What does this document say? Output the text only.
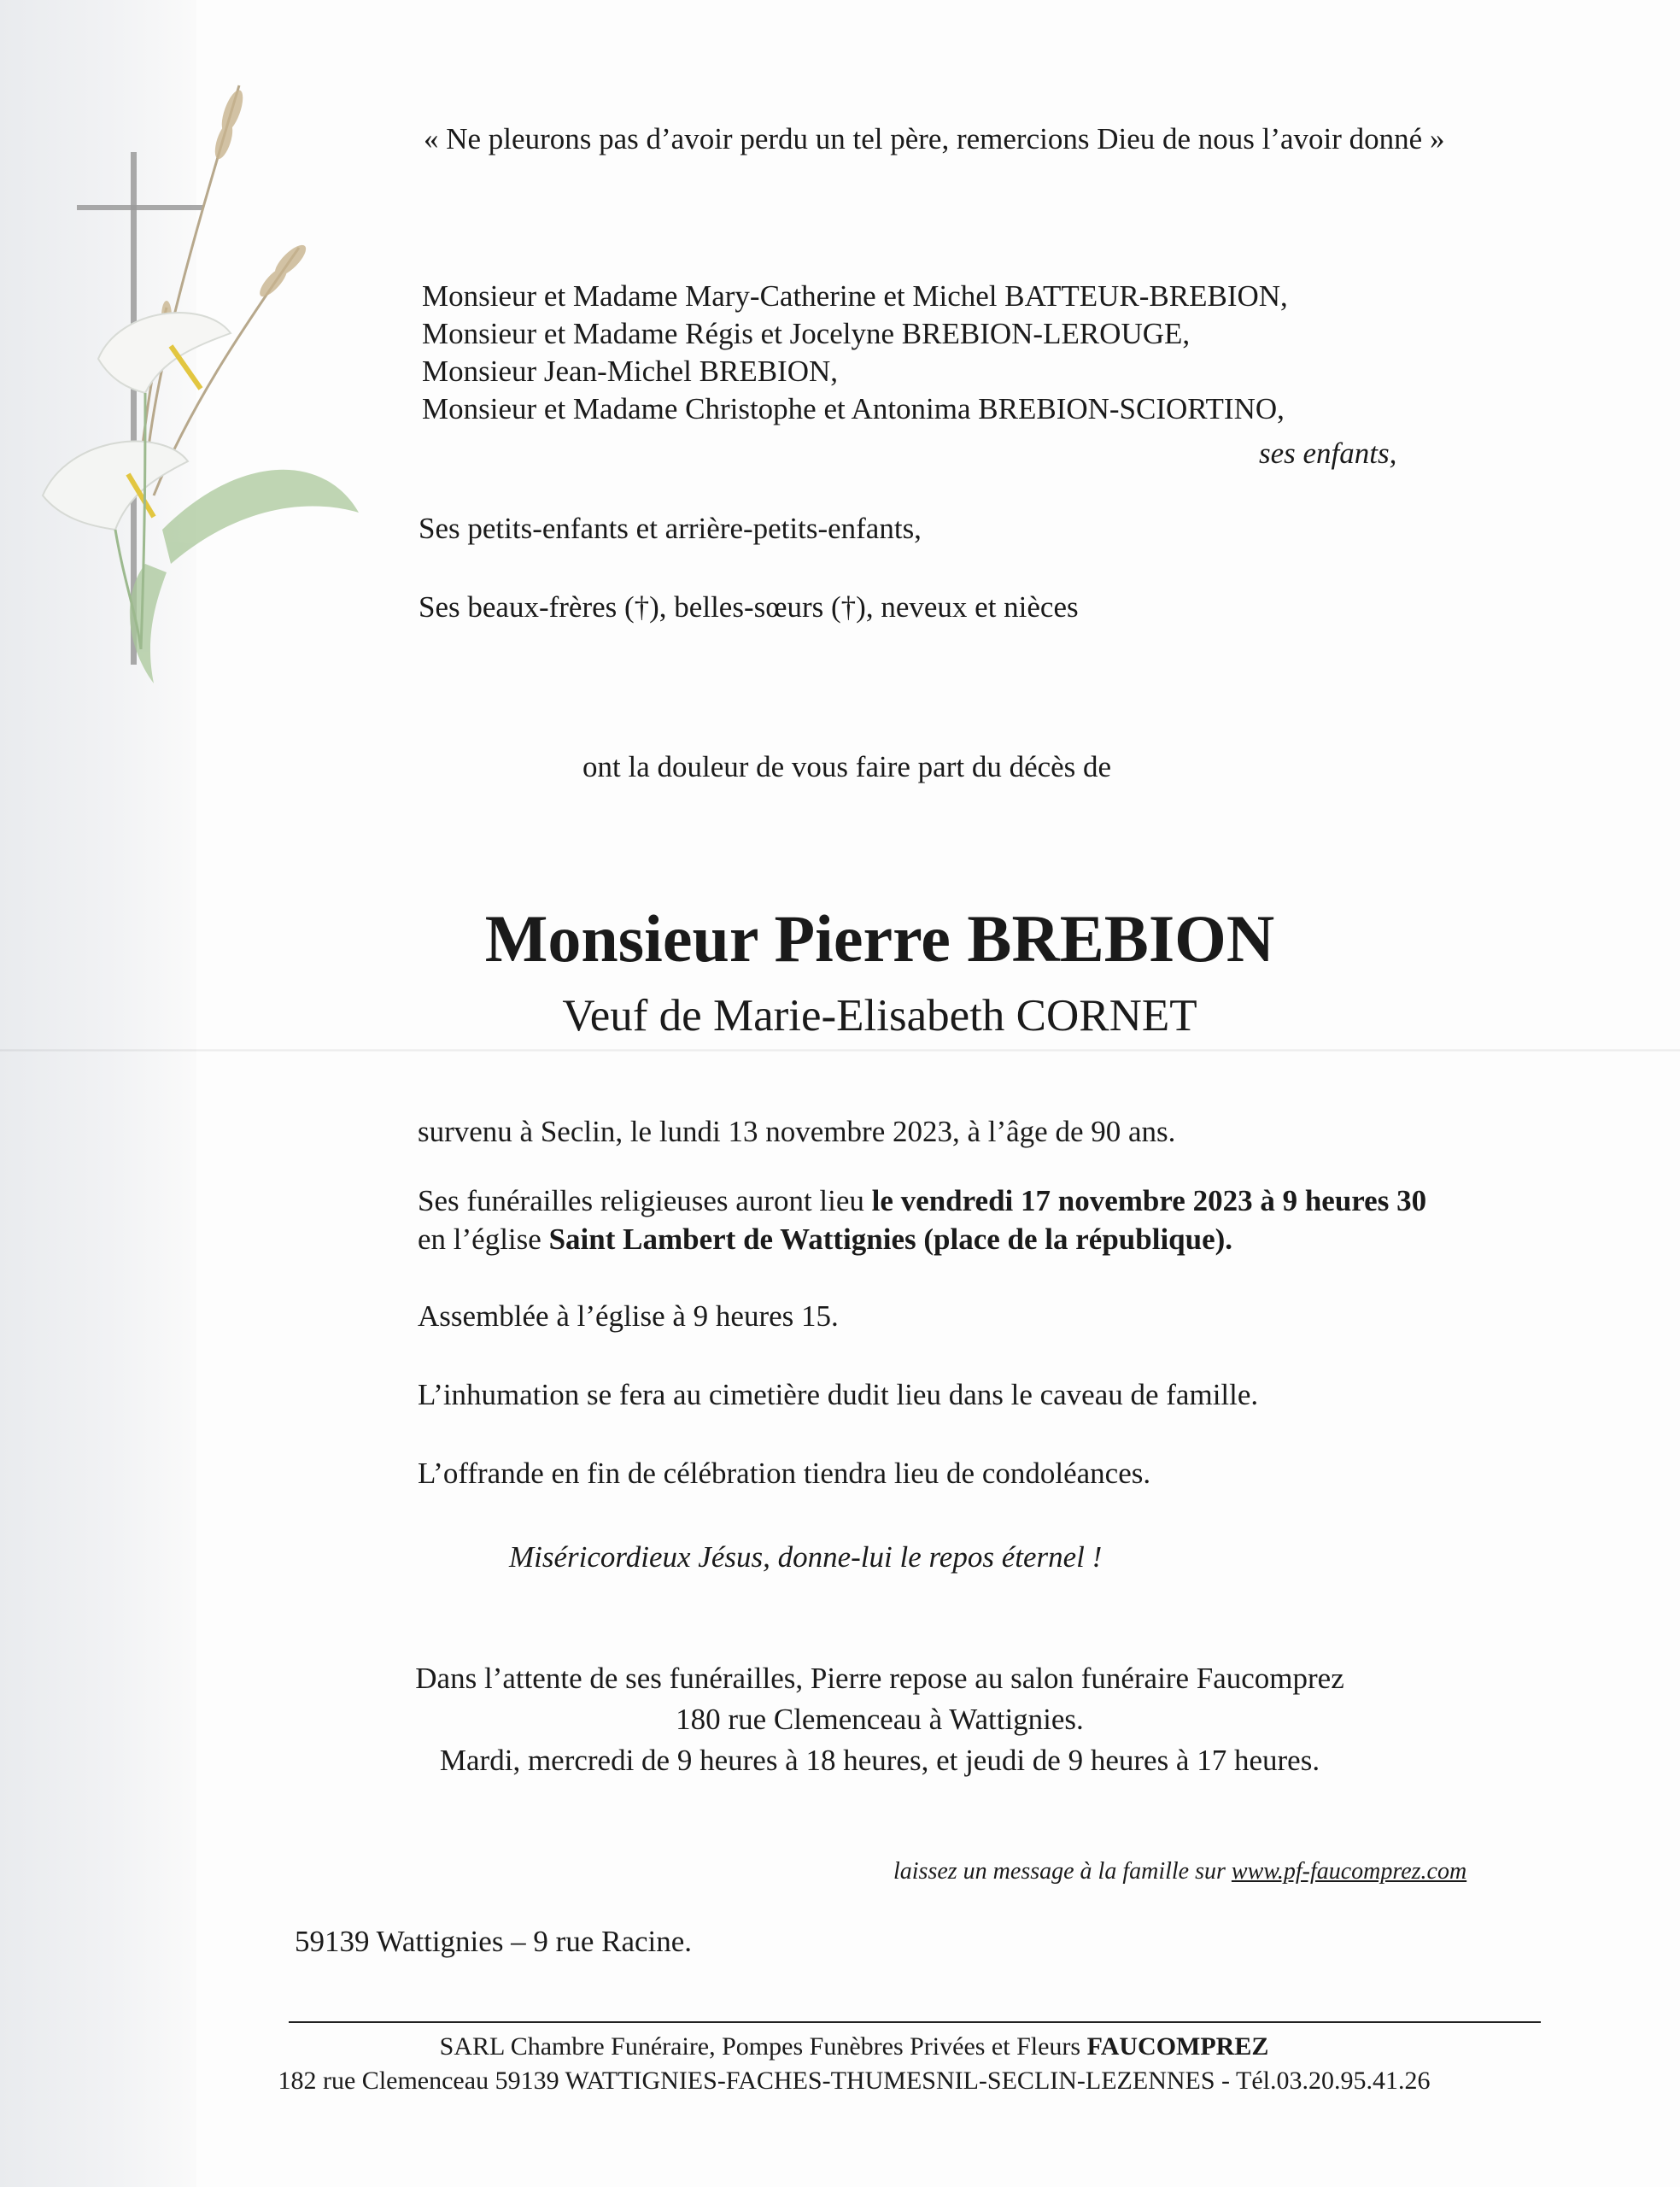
« Ne pleurons pas d’avoir perdu un tel père, remercions Dieu de nous l’avoir donné »
Monsieur et Madame Mary-Catherine et Michel BATTEUR-BREBION,
Monsieur et Madame Régis et Jocelyne BREBION-LEROUGE,
Monsieur Jean-Michel BREBION,
Monsieur et Madame Christophe et Antonima BREBION-SCIORTINO,
ses enfants,
Ses petits-enfants et arrière-petits-enfants,
Ses beaux-frères (†), belles-sœurs (†), neveux et nièces
ont la douleur de vous faire part du décès de
Monsieur Pierre BREBION
Veuf de Marie-Elisabeth CORNET
survenu à Seclin, le lundi 13 novembre 2023, à l’âge de 90 ans.
Ses funérailles religieuses auront lieu le vendredi 17 novembre 2023 à 9 heures 30
en l’église Saint Lambert de Wattignies (place de la république).
Assemblée à l’église à 9 heures 15.
L’inhumation se fera au cimetière dudit lieu dans le caveau de famille.
L’offrande en fin de célébration tiendra lieu de condoléances.
Miséricordieux Jésus, donne-lui le repos éternel !
Dans l’attente de ses funérailles, Pierre repose au salon funéraire Faucomprez
180 rue Clemenceau à Wattignies.
Mardi, mercredi de 9 heures à 18 heures, et jeudi de 9 heures à 17 heures.
laissez un message à la famille sur www.pf-faucomprez.com
59139 Wattignies – 9 rue Racine.
SARL Chambre Funéraire, Pompes Funèbres Privées et Fleurs FAUCOMPREZ
182 rue Clemenceau 59139 WATTIGNIES-FACHES-THUMESNIL-SECLIN-LEZENNES - Tél.03.20.95.41.26
